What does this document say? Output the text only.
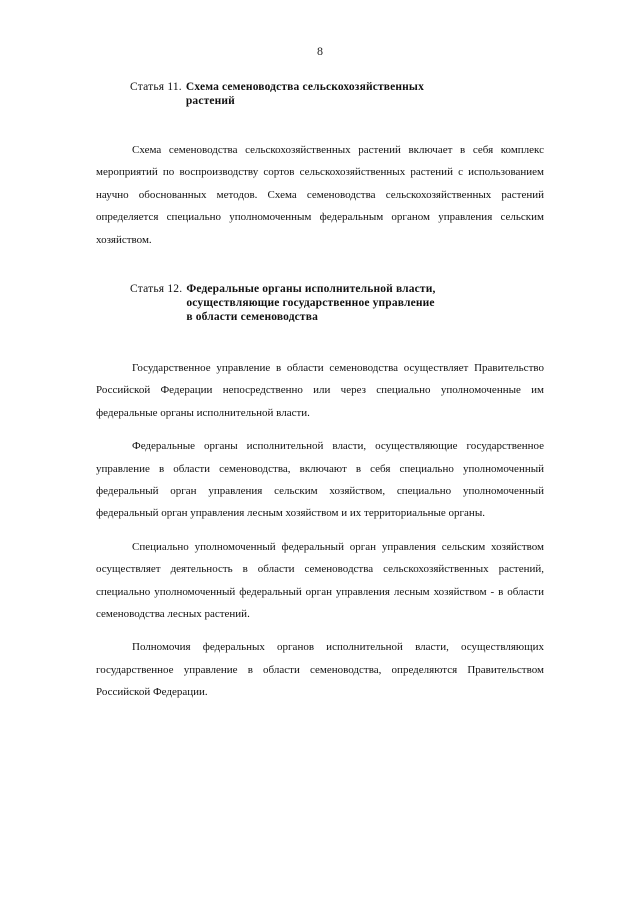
8
Статья 11. Схема семеноводства сельскохозяйственных
растений

Схема семеноводства сельскохозяйственных растений включает в себя комплекс мероприятий по воспроизводству сортов сельскохозяйственных растений с использованием научно обоснованных методов. Схема семеноводства сельскохозяйственных растений определяется специально уполномоченным федеральным органом управления сельским хозяйством.

Статья 12. Федеральные органы исполнительной власти,
осуществляющие государственное управление
в области семеноводства

Государственное управление в области семеноводства осуществляет Правительство Российской Федерации непосредственно или через специально уполномоченные им федеральные органы исполнительной власти.

Федеральные органы исполнительной власти, осуществляющие государственное управление в области семеноводства, включают в себя специально уполномоченный федеральный орган управления сельским хозяйством, специально уполномоченный федеральный орган управления лесным хозяйством и их территориальные органы.

Специально уполномоченный федеральный орган управления сельским хозяйством осуществляет деятельность в области семеноводства сельскохозяйственных растений, специально уполномоченный федеральный орган управления лесным хозяйством - в области семеноводства лесных растений.

Полномочия федеральных органов исполнительной власти, осуществляющих государственное управление в области семеноводства, определяются Правительством Российской Федерации.
